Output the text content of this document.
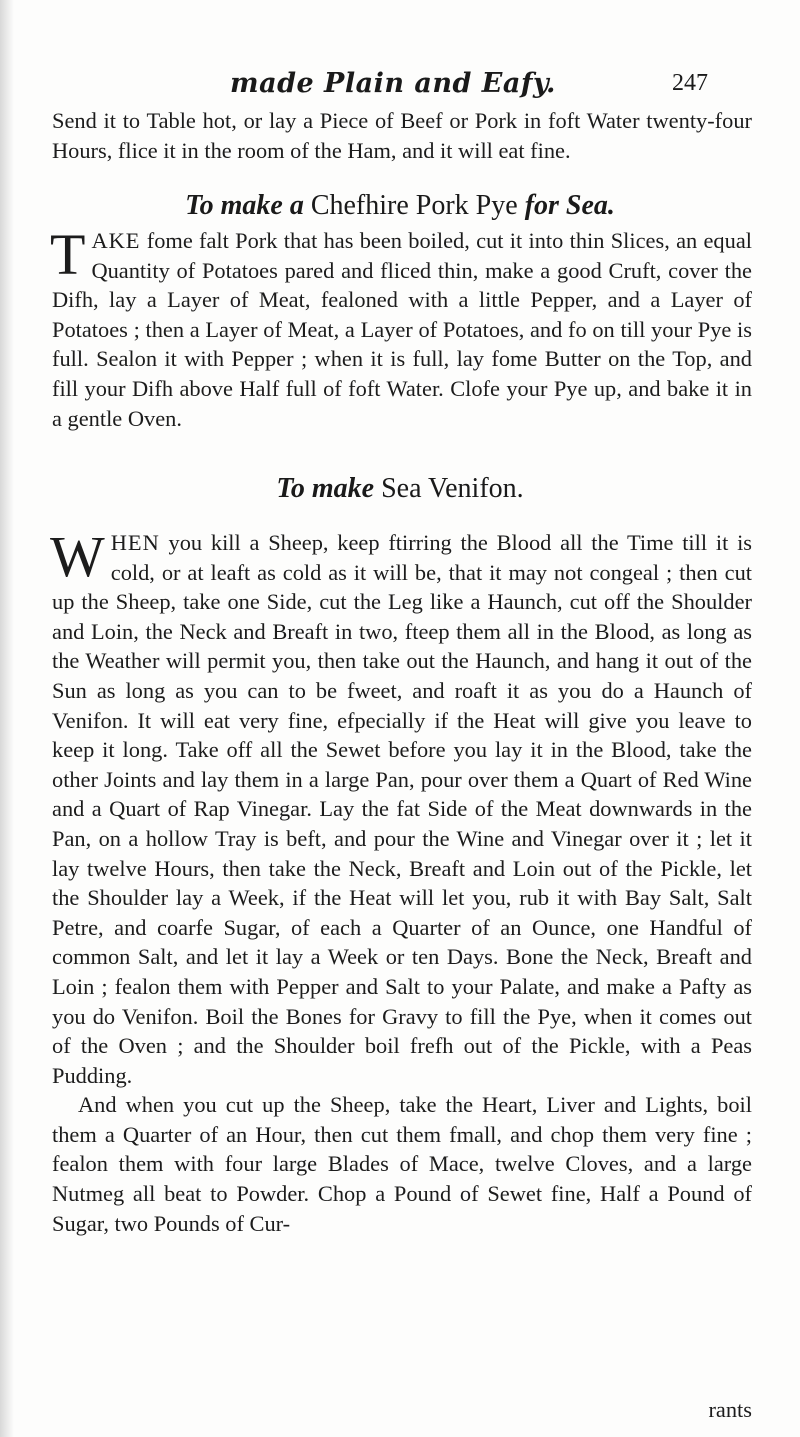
made Plain and Eafy.	247

Send it to Table hot, or lay a Piece of Beef or Pork in foft Water twenty-four Hours, flice it in the room of the Ham, and it will eat fine.

To make a Chefhire Pork Pye for Sea.

TAKE fome falt Pork that has been boiled, cut it into thin Slices, an equal Quantity of Potatoes pared and fliced thin, make a good Cruft, cover the Difh, lay a Layer of Meat, fealoned with a little Pepper, and a Layer of Potatoes ; then a Layer of Meat, a Layer of Potatoes, and fo on till your Pye is full. Sealon it with Pepper ; when it is full, lay fome Butter on the Top, and fill your Difh above Half full of foft Water. Clofe your Pye up, and bake it in a gentle Oven.

To make Sea Venifon.

WHEN you kill a Sheep, keep ftirring the Blood all the Time till it is cold, or at leaft as cold as it will be, that it may not congeal ; then cut up the Sheep, take one Side, cut the Leg like a Haunch, cut off the Shoulder and Loin, the Neck and Breaft in two, fteep them all in the Blood, as long as the Weather will permit you, then take out the Haunch, and hang it out of the Sun as long as you can to be fweet, and roaft it as you do a Haunch of Venifon. It will eat very fine, efpecially if the Heat will give you leave to keep it long. Take off all the Sewet before you lay it in the Blood, take the other Joints and lay them in a large Pan, pour over them a Quart of Red Wine and a Quart of Rap Vinegar. Lay the fat Side of the Meat downwards in the Pan, on a hollow Tray is beft, and pour the Wine and Vinegar over it ; let it lay twelve Hours, then take the Neck, Breaft and Loin out of the Pickle, let the Shoulder lay a Week, if the Heat will let you, rub it with Bay Salt, Salt Petre, and coarfe Sugar, of each a Quarter of an Ounce, one Handful of common Salt, and let it lay a Week or ten Days. Bone the Neck, Breaft and Loin ; fealon them with Pepper and Salt to your Palate, and make a Pafty as you do Venifon. Boil the Bones for Gravy to fill the Pye, when it comes out of the Oven ; and the Shoulder boil frefh out of the Pickle, with a Peas Pudding.

And when you cut up the Sheep, take the Heart, Liver and Lights, boil them a Quarter of an Hour, then cut them fmall, and chop them very fine ; fealon them with four large Blades of Mace, twelve Cloves, and a large Nutmeg all beat to Powder. Chop a Pound of Sewet fine, Half a Pound of Sugar, two Pounds of Cur-

rants
